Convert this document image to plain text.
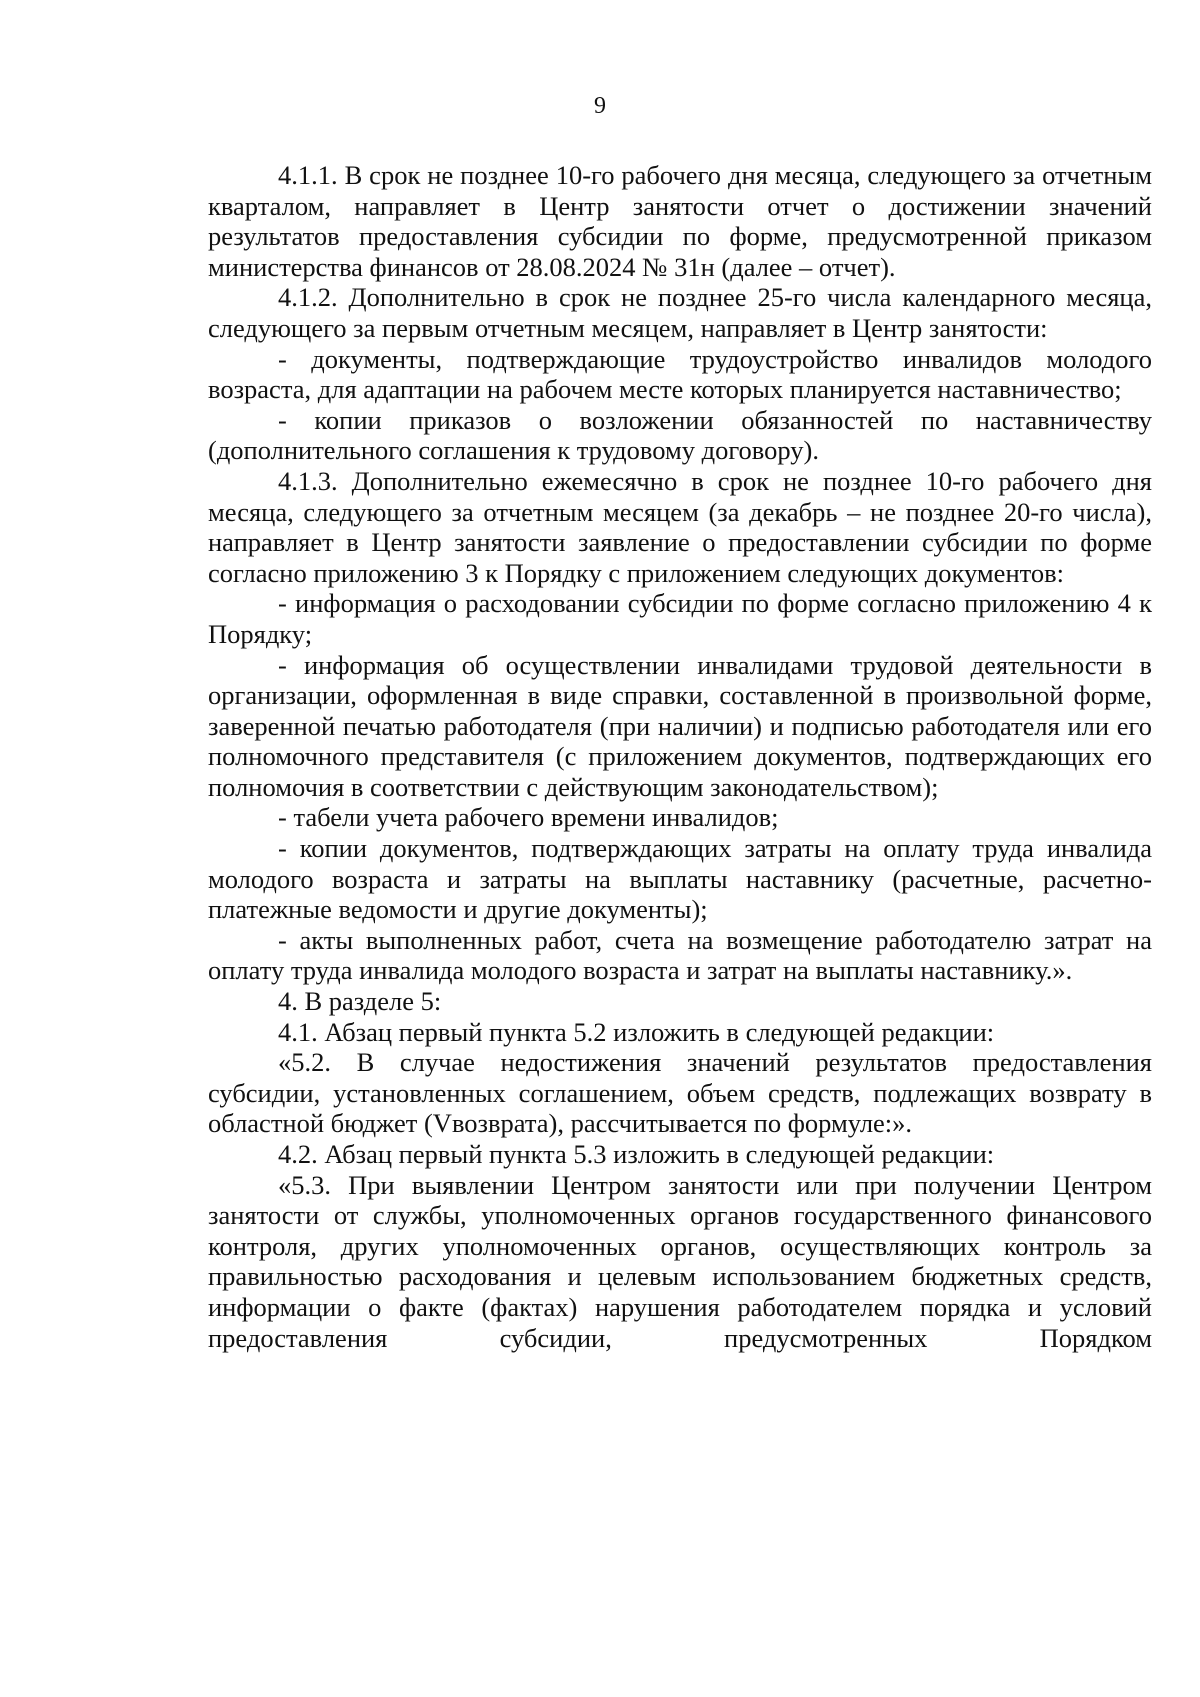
9

4.1.1. В срок не позднее 10-го рабочего дня месяца, следующего за отчетным кварталом, направляет в Центр занятости отчет о достижении значений результатов предоставления субсидии по форме, предусмотренной приказом министерства финансов от 28.08.2024 № 31н (далее – отчет).

4.1.2. Дополнительно в срок не позднее 25-го числа календарного месяца, следующего за первым отчетным месяцем, направляет в Центр занятости:

- документы, подтверждающие трудоустройство инвалидов молодого возраста, для адаптации на рабочем месте которых планируется наставничество;

- копии приказов о возложении обязанностей по наставничеству (дополнительного соглашения к трудовому договору).

4.1.3. Дополнительно ежемесячно в срок не позднее 10-го рабочего дня месяца, следующего за отчетным месяцем (за декабрь – не позднее 20-го числа), направляет в Центр занятости заявление о предоставлении субсидии по форме согласно приложению 3 к Порядку с приложением следующих документов:

- информация о расходовании субсидии по форме согласно приложению 4 к Порядку;

- информация об осуществлении инвалидами трудовой деятельности в организации, оформленная в виде справки, составленной в произвольной форме, заверенной печатью работодателя (при наличии) и подписью работодателя или его полномочного представителя (с приложением документов, подтверждающих его полномочия в соответствии с действующим законодательством);

- табели учета рабочего времени инвалидов;

- копии документов, подтверждающих затраты на оплату труда инвалида молодого возраста и затраты на выплаты наставнику (расчетные, расчетно-платежные ведомости и другие документы);

- акты выполненных работ, счета на возмещение работодателю затрат на оплату труда инвалида молодого возраста и затрат на выплаты наставнику.».

4. В разделе 5:

4.1. Абзац первый пункта 5.2 изложить в следующей редакции:

«5.2. В случае недостижения значений результатов предоставления субсидии, установленных соглашением, объем средств, подлежащих возврату в областной бюджет (Vвозврата), рассчитывается по формуле:».

4.2. Абзац первый пункта 5.3 изложить в следующей редакции:

«5.3. При выявлении Центром занятости или при получении Центром занятости от службы, уполномоченных органов государственного финансового контроля, других уполномоченных органов, осуществляющих контроль за правильностью расходования и целевым использованием бюджетных средств, информации о факте (фактах) нарушения работодателем порядка и условий предоставления субсидии, предусмотренных Порядком
